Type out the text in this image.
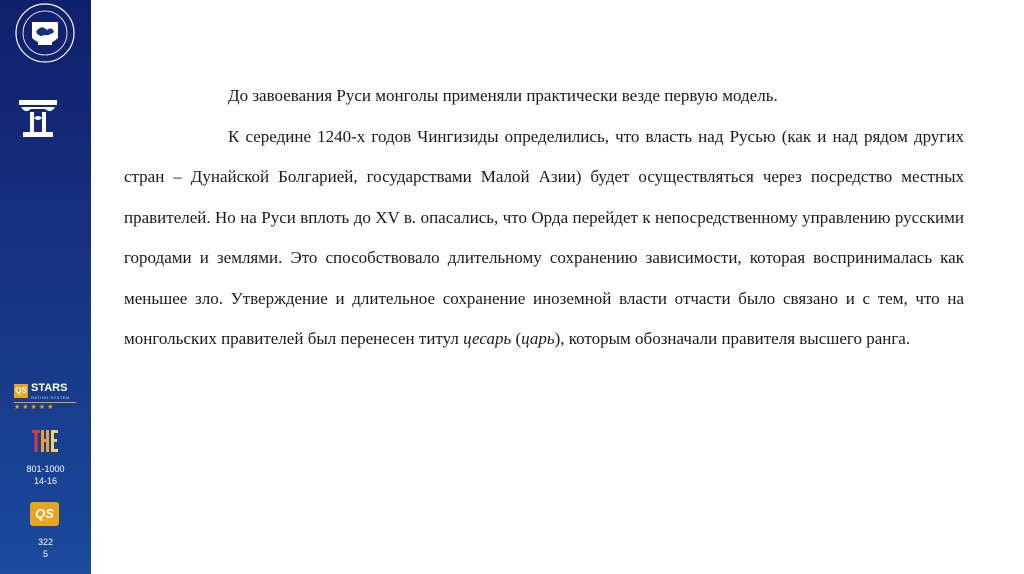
QS STARS
RATING SYSTEM
★★★★★
801-1000
14-16
QS
322
5

До завоевания Руси монголы применяли практически везде первую модель.

К середине 1240-х годов Чингизиды определились, что власть над Русью (как и над рядом других стран – Дунайской Болгарией, государствами Малой Азии) будет осуществляться через посредство местных правителей. Но на Руси вплоть до XV в. опасались, что Орда перейдет к непосредственному управлению русскими городами и землями. Это способствовало длительному сохранению зависимости, которая воспринималась как меньшее зло. Утверждение и длительное сохранение иноземной власти отчасти было связано и с тем, что на монгольских правителей был перенесен титул цесарь (царь), которым обозначали правителя высшего ранга.
